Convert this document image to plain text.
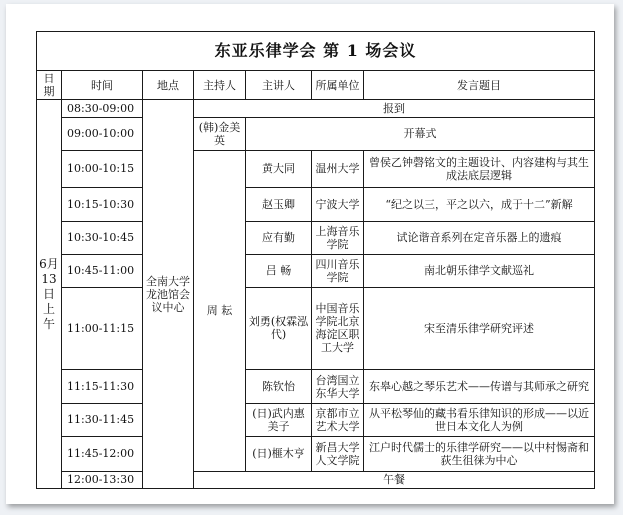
东亚乐律学会 第 1 场会议						
日期	时间	地点	主持人	主讲人	所属单位	发言题目
6月13日上午	08:30-09:00	全南大学龙池馆会议中心	报到			
	09:00-10:00		(韩)金美英	开幕式		
	10:00-10:15		周 耘	黄大同	温州大学	曾侯乙钟磬铭文的主题设计、内容建构与其生成法底层逻辑
	10:15-10:30			赵玉卿	宁波大学	“纪之以三，平之以六，成于十二”新解
	10:30-10:45			应有勤	上海音乐学院	试论谐音系列在定音乐器上的遗痕
	10:45-11:00			吕 畅	四川音乐学院	南北朝乐律学文献巡礼
	11:00-11:15			刘勇(权霖泓代)	中国音乐学院北京海淀区职工大学	宋至清乐律学研究评述
	11:15-11:30			陈钦怡	台湾国立东华大学	东皋心越之琴乐艺术——传谱与其师承之研究
	11:30-11:45			(日)武内惠美子	京都市立艺术大学	从平松琴仙的藏书看乐律知识的形成——以近世日本文化人为例
	11:45-12:00			(日)榧木亨	新昌大学人文学院	江户时代儒士的乐律学研究——以中村惕斋和荻生徂徕为中心
	12:00-13:30		午餐			
